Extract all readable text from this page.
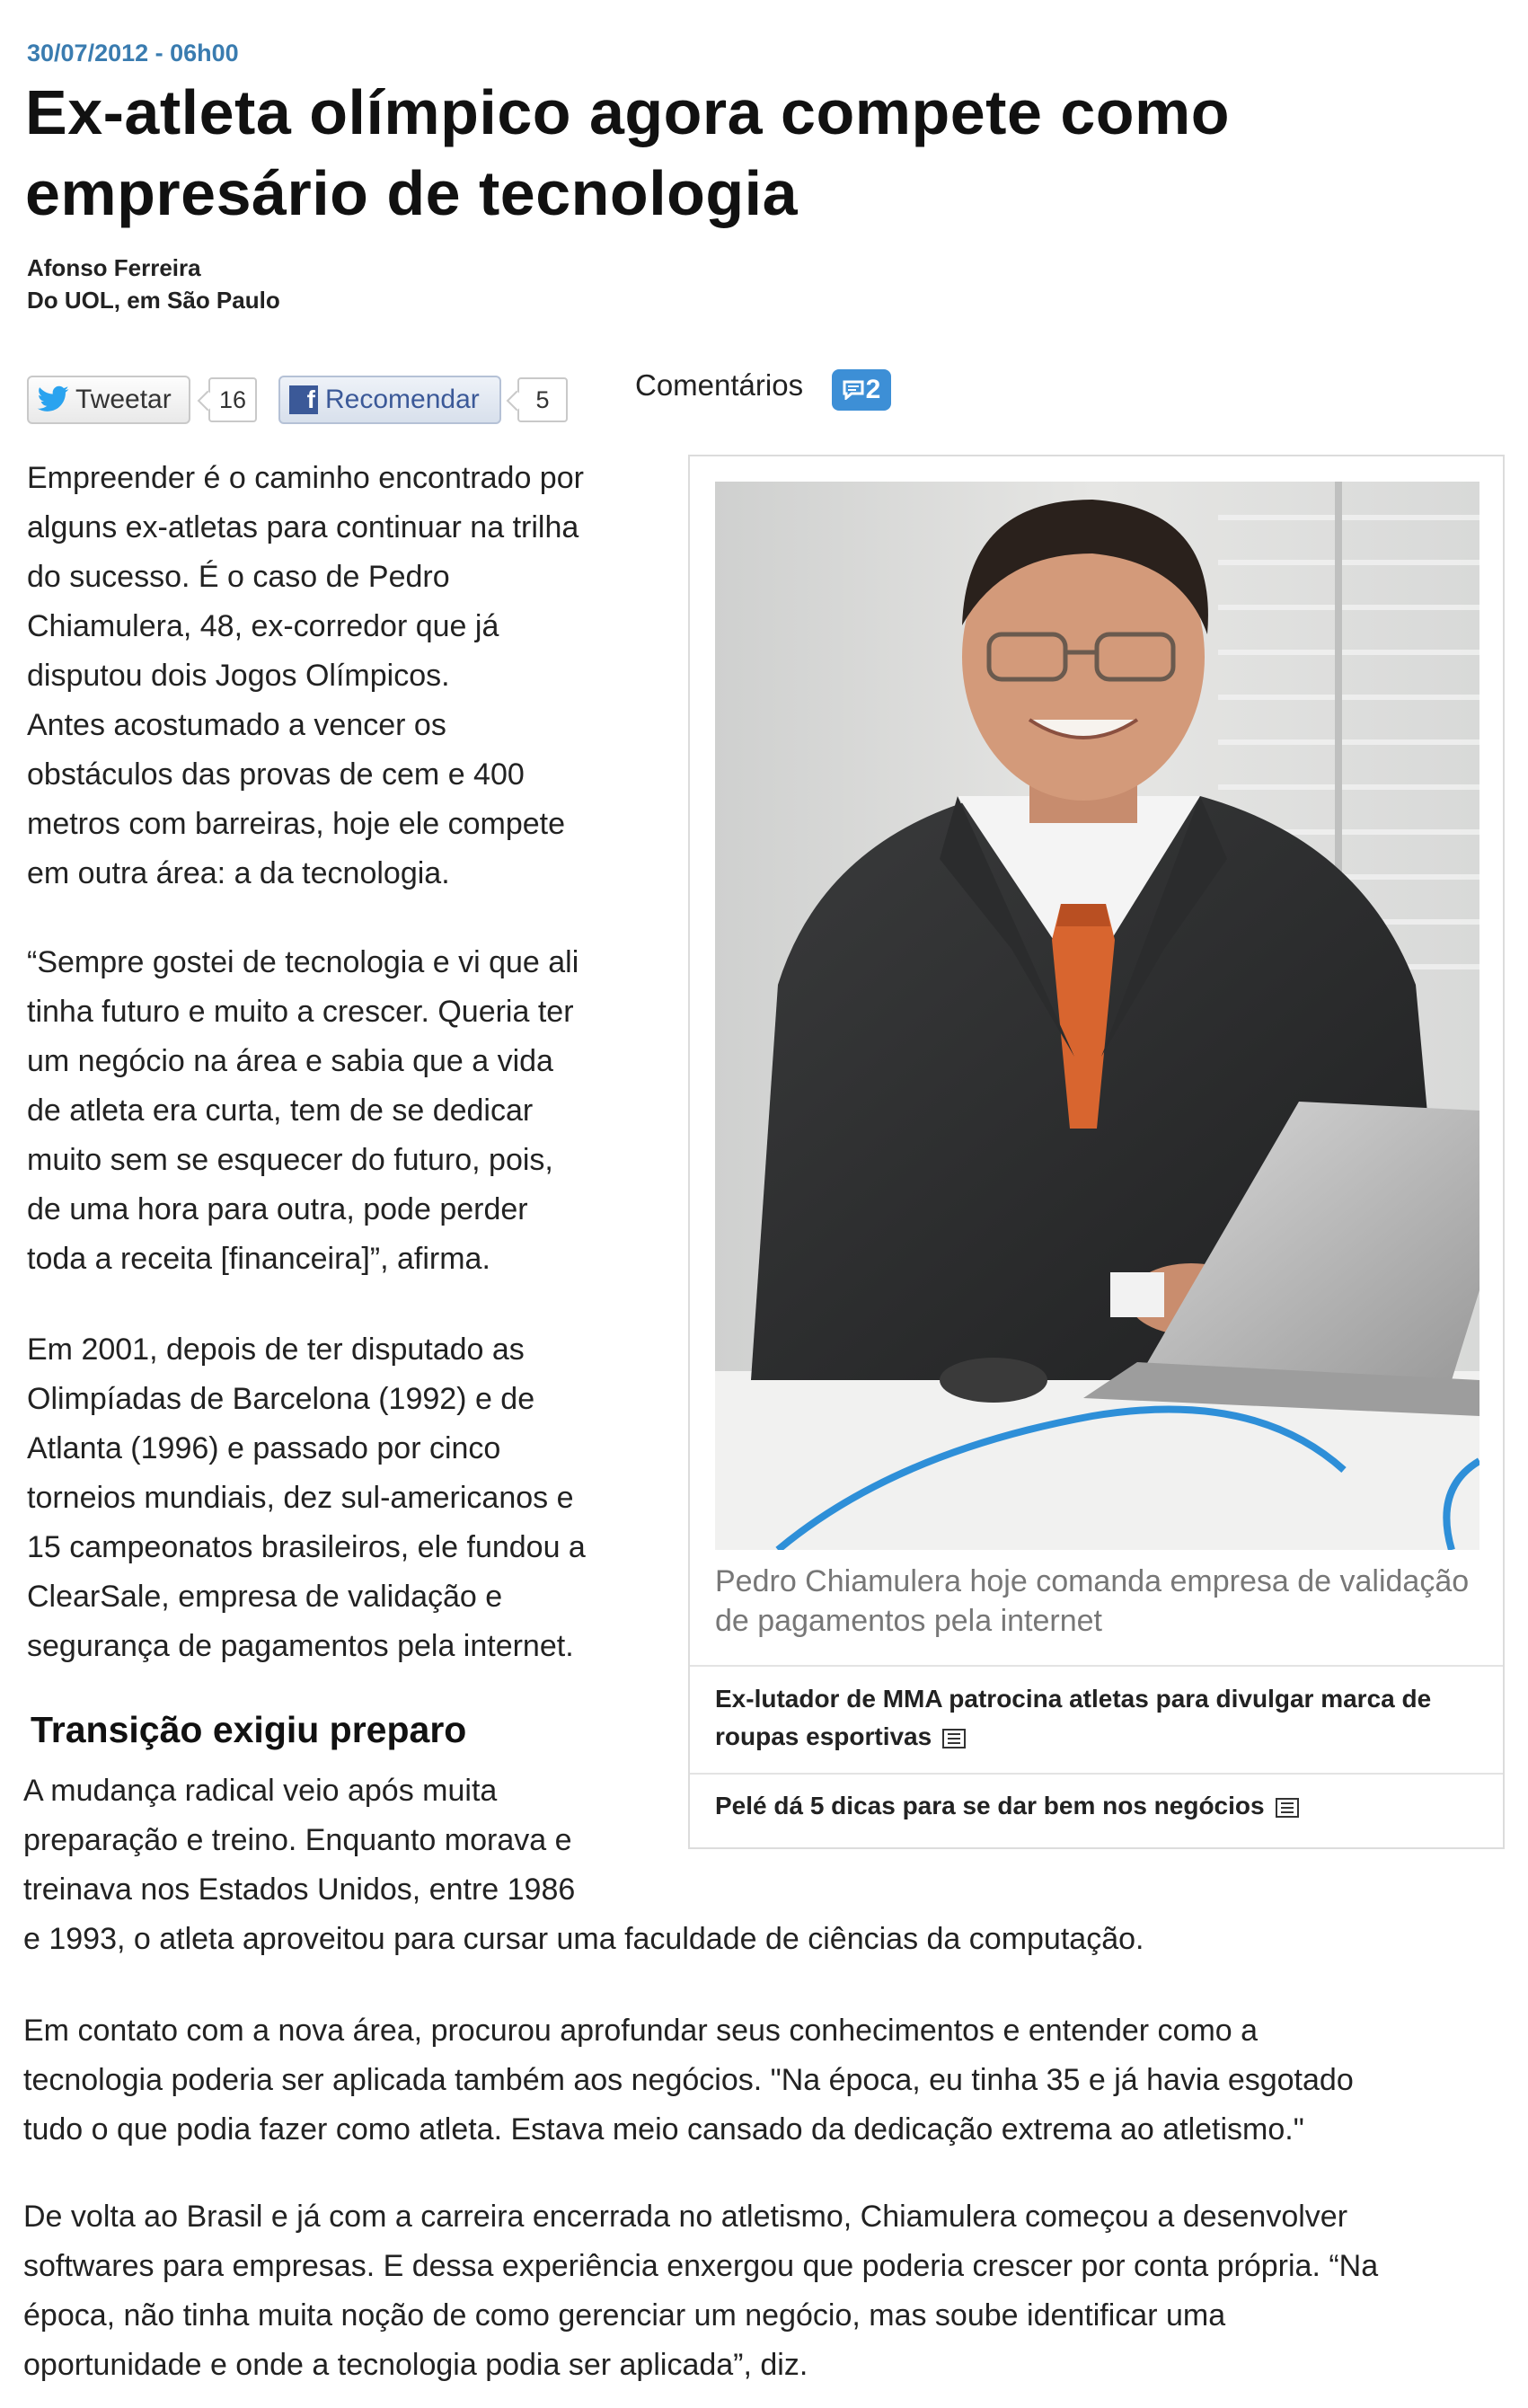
30/07/2012 - 06h00
Ex-atleta olímpico agora compete como empresário de tecnologia
Afonso Ferreira
Do UOL, em São Paulo
Tweetar	16	f Recomendar	5	Comentários 2
Empreender é o caminho encontrado por
alguns ex-atletas para continuar na trilha
do sucesso. É o caso de Pedro
Chiamulera, 48, ex-corredor que já
disputou dois Jogos Olímpicos.
Antes acostumado a vencer os
obstáculos das provas de cem e 400
metros com barreiras, hoje ele compete
em outra área: a da tecnologia.
“Sempre gostei de tecnologia e vi que ali
tinha futuro e muito a crescer. Queria ter
um negócio na área e sabia que a vida
de atleta era curta, tem de se dedicar
muito sem se esquecer do futuro, pois,
de uma hora para outra, pode perder
toda a receita [financeira]”, afirma.
Em 2001, depois de ter disputado as
Olimpíadas de Barcelona (1992) e de
Atlanta (1996) e passado por cinco
torneios mundiais, dez sul-americanos e
15 campeonatos brasileiros, ele fundou a
ClearSale, empresa de validação e
segurança de pagamentos pela internet.
Transição exigiu preparo
A mudança radical veio após muita
preparação e treino. Enquanto morava e
treinava nos Estados Unidos, entre 1986
e 1993, o atleta aproveitou para cursar uma faculdade de ciências da computação.
Em contato com a nova área, procurou aprofundar seus conhecimentos e entender como a
tecnologia poderia ser aplicada também aos negócios. "Na época, eu tinha 35 e já havia esgotado
tudo o que podia fazer como atleta. Estava meio cansado da dedicação extrema ao atletismo."
De volta ao Brasil e já com a carreira encerrada no atletismo, Chiamulera começou a desenvolver
softwares para empresas. E dessa experiência enxergou que poderia crescer por conta própria. “Na
época, não tinha muita noção de como gerenciar um negócio, mas soube identificar uma
oportunidade e onde a tecnologia podia ser aplicada”, diz.
Pedro Chiamulera hoje comanda empresa de validação de pagamentos pela internet
Ex-lutador de MMA patrocina atletas para divulgar marca de roupas esportivas
Pelé dá 5 dicas para se dar bem nos negócios
